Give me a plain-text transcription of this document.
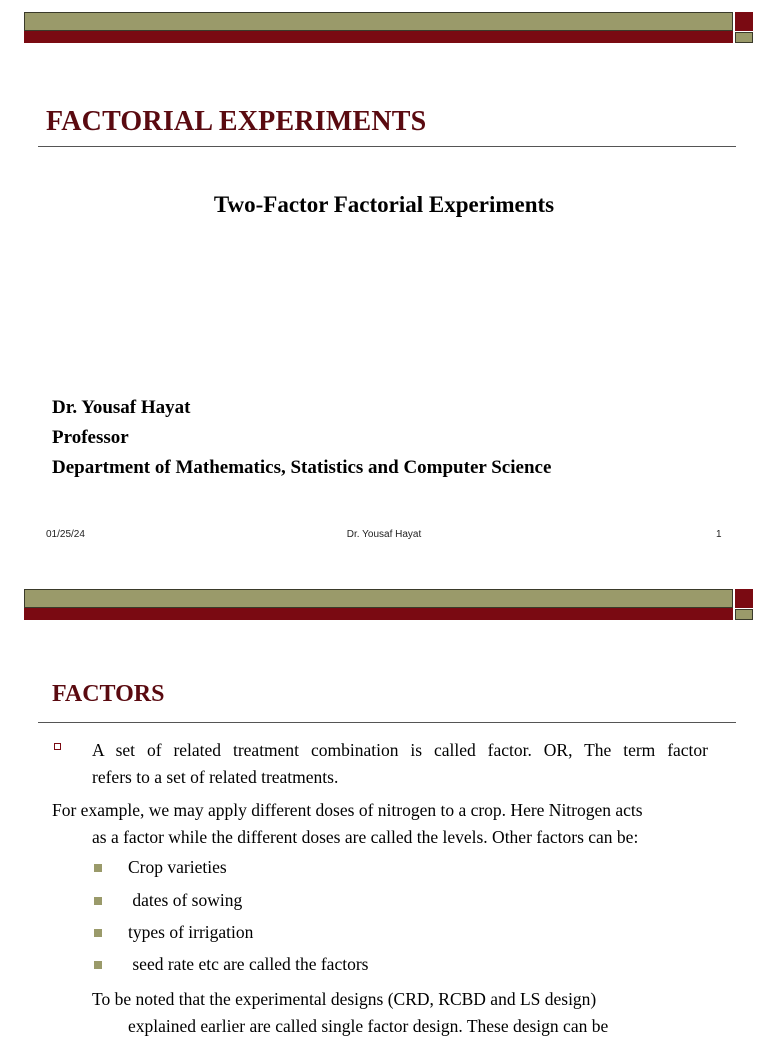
FACTORIAL EXPERIMENTS
Two-Factor Factorial Experiments
Dr. Yousaf Hayat
Professor
Department of Mathematics, Statistics and Computer Science
01/25/24	Dr. Yousaf Hayat	1
FACTORS
A set of related treatment combination is called factor. OR, The term factor
refers to a set of related treatments.
For example, we may apply different doses of nitrogen to a crop. Here Nitrogen acts
as a factor while the different doses are called the levels. Other factors can be:
Crop varieties
dates of sowing
types of irrigation
seed rate etc are called the factors
To be noted that the experimental designs (CRD, RCBD and LS design)
explained earlier are called single factor design. These design can be
